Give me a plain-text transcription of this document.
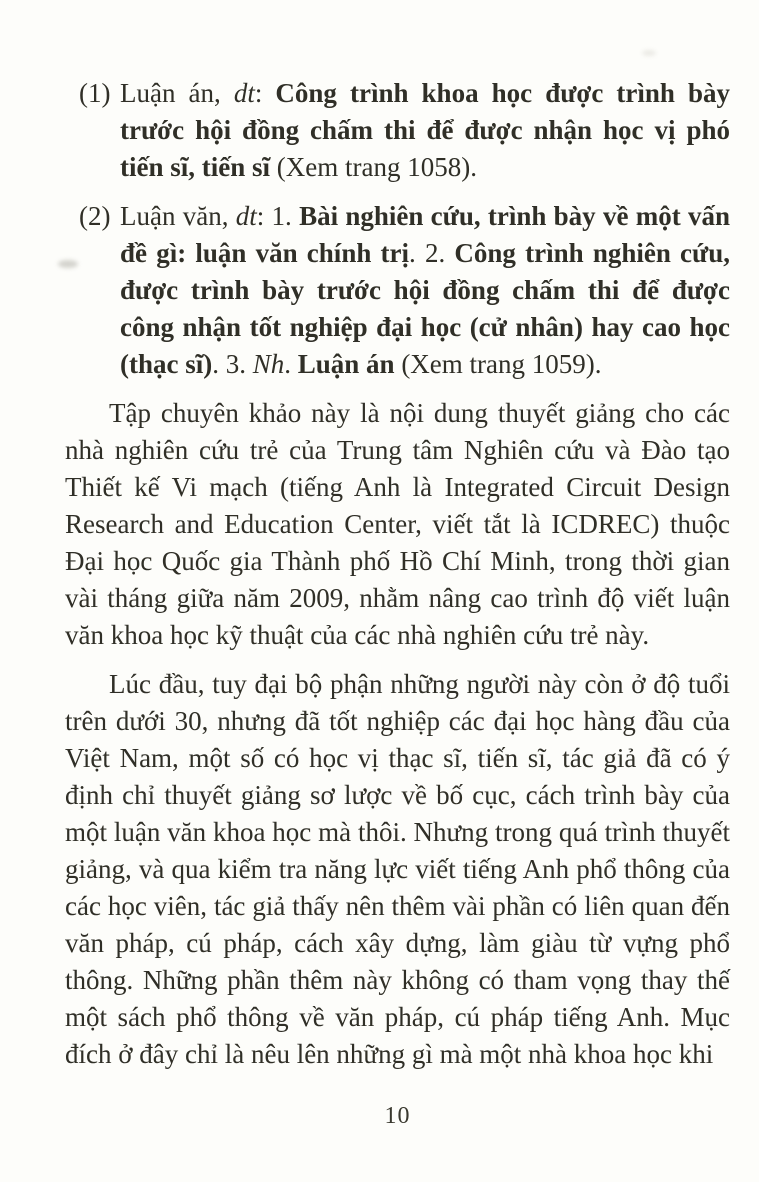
(1) Luận án, dt: Công trình khoa học được trình bày trước hội đồng chấm thi để được nhận học vị phó tiến sĩ, tiến sĩ (Xem trang 1058).

(2) Luận văn, dt: 1. Bài nghiên cứu, trình bày về một vấn đề gì: luận văn chính trị. 2. Công trình nghiên cứu, được trình bày trước hội đồng chấm thi để được công nhận tốt nghiệp đại học (cử nhân) hay cao học (thạc sĩ). 3. Nh. Luận án (Xem trang 1059).

Tập chuyên khảo này là nội dung thuyết giảng cho các nhà nghiên cứu trẻ của Trung tâm Nghiên cứu và Đào tạo Thiết kế Vi mạch (tiếng Anh là Integrated Circuit Design Research and Education Center, viết tắt là ICDREC) thuộc Đại học Quốc gia Thành phố Hồ Chí Minh, trong thời gian vài tháng giữa năm 2009, nhằm nâng cao trình độ viết luận văn khoa học kỹ thuật của các nhà nghiên cứu trẻ này.

Lúc đầu, tuy đại bộ phận những người này còn ở độ tuổi trên dưới 30, nhưng đã tốt nghiệp các đại học hàng đầu của Việt Nam, một số có học vị thạc sĩ, tiến sĩ, tác giả đã có ý định chỉ thuyết giảng sơ lược về bố cục, cách trình bày của một luận văn khoa học mà thôi. Nhưng trong quá trình thuyết giảng, và qua kiểm tra năng lực viết tiếng Anh phổ thông của các học viên, tác giả thấy nên thêm vài phần có liên quan đến văn pháp, cú pháp, cách xây dựng, làm giàu từ vựng phổ thông. Những phần thêm này không có tham vọng thay thế một sách phổ thông về văn pháp, cú pháp tiếng Anh. Mục đích ở đây chỉ là nêu lên những gì mà một nhà khoa học khi

10
